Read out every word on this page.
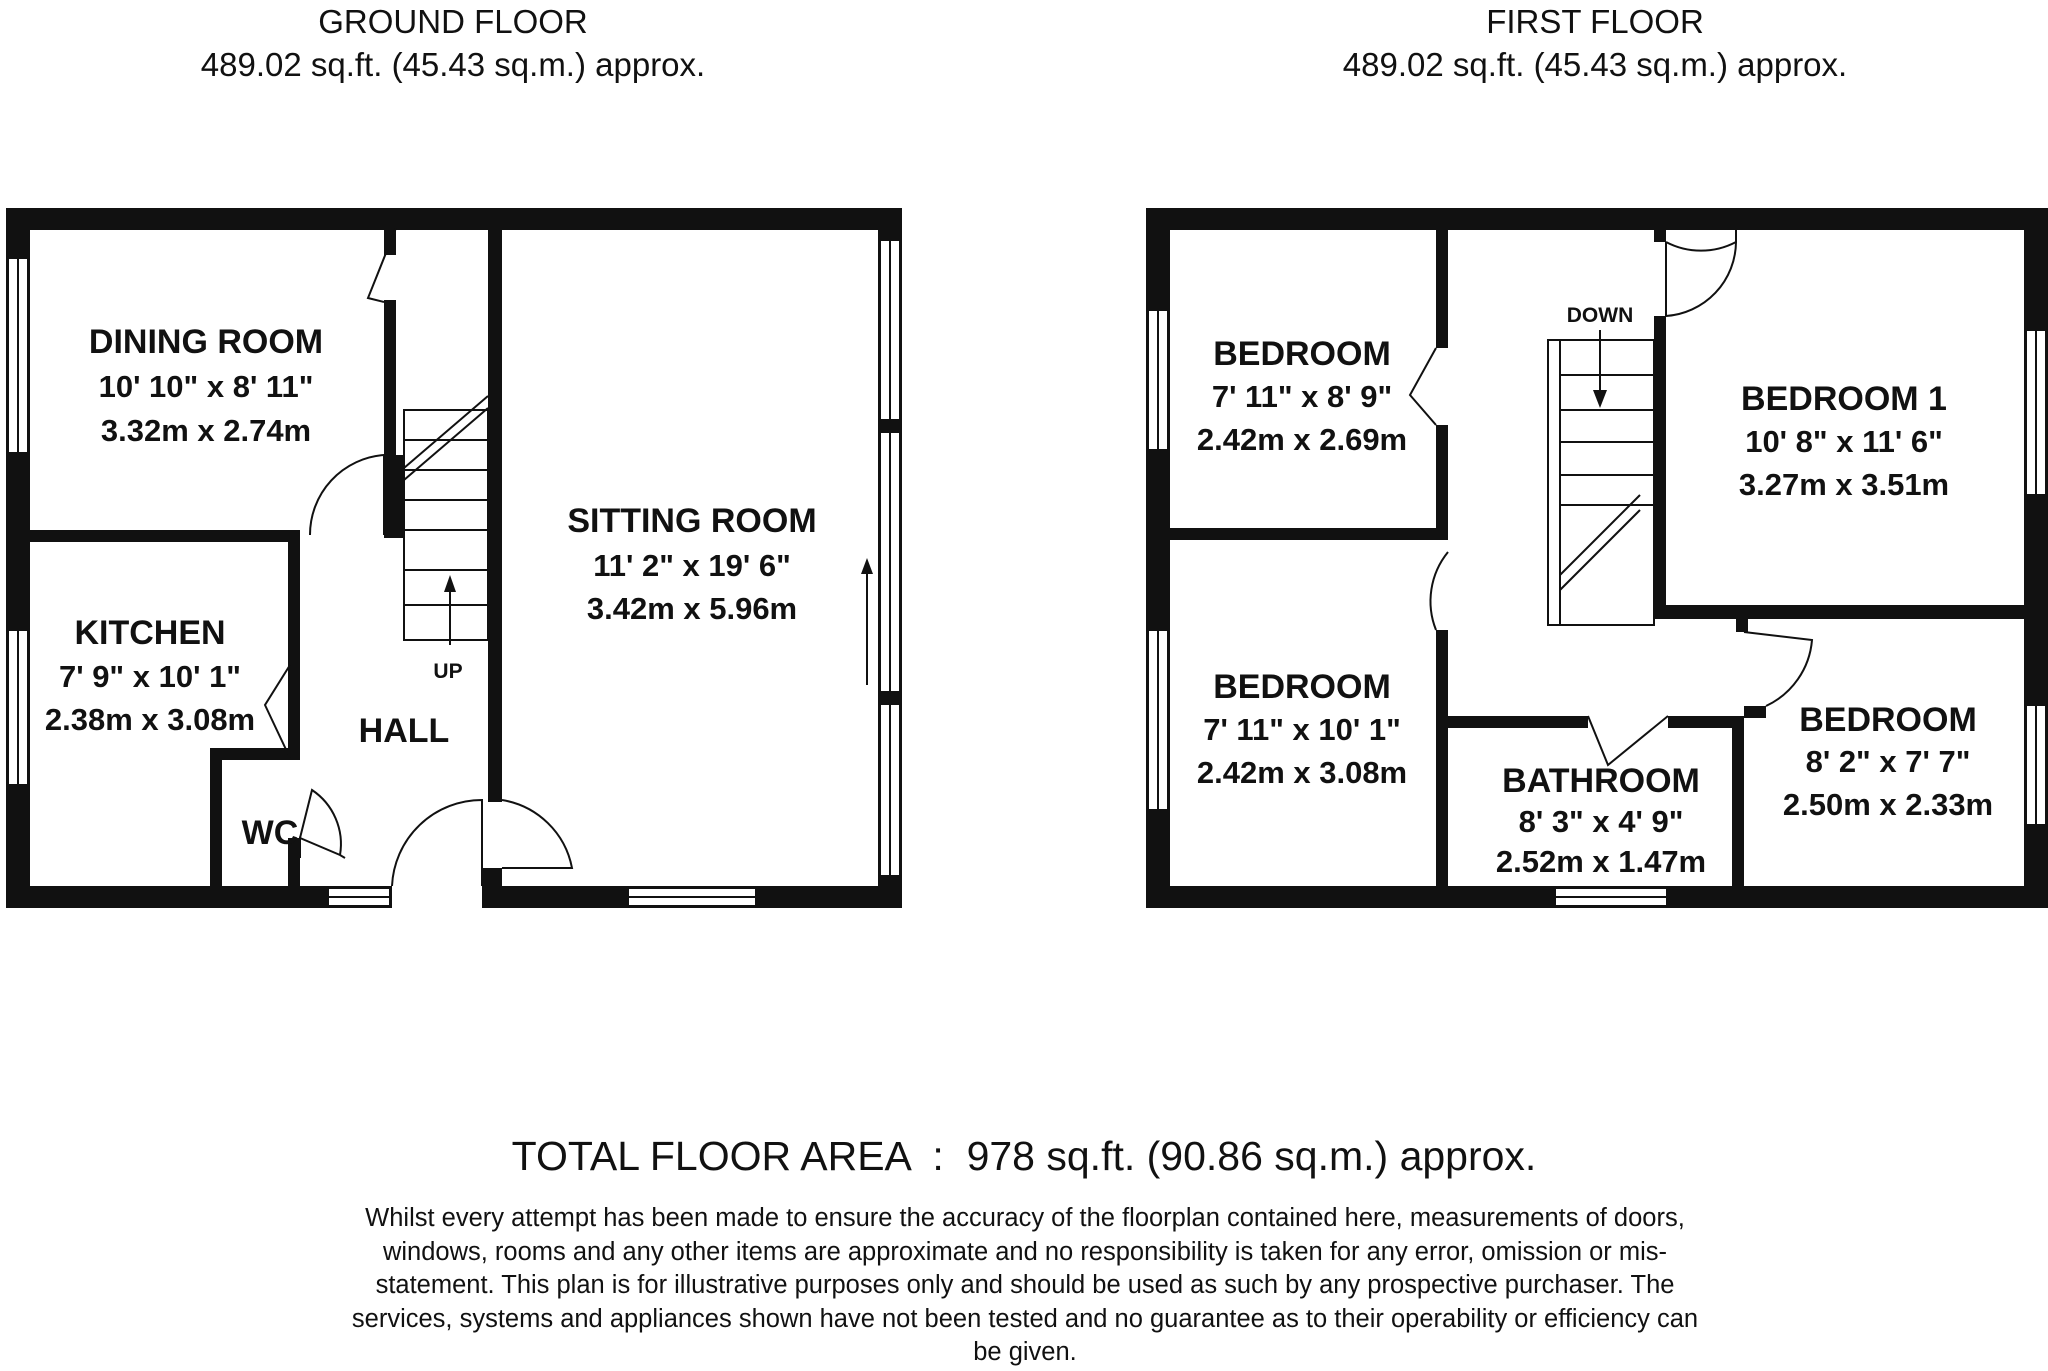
GROUND FLOOR
489.02 sq.ft. (45.43 sq.m.) approx.
FIRST FLOOR
489.02 sq.ft. (45.43 sq.m.) approx.
DINING ROOM
10' 10" x 8' 11"
3.32m x 2.74m
SITTING ROOM
11' 2" x 19' 6"
3.42m x 5.96m
KITCHEN
7' 9" x 10' 1"
2.38m x 3.08m	HALL
WC
UP
BEDROOM
7' 11" x 8' 9"
2.42m x 2.69m
BEDROOM 1
10' 8" x 11' 6"
3.27m x 3.51m
BEDROOM
7' 11" x 10' 1"
2.42m x 3.08m	BATHROOM
8' 3" x 4' 9"
2.52m x 1.47m
BEDROOM
8' 2" x 7' 7"
2.50m x 2.33m
DOWN
TOTAL FLOOR AREA  :  978 sq.ft. (90.86 sq.m.) approx.
Whilst every attempt has been made to ensure the accuracy of the floorplan contained here, measurements of doors, windows, rooms and any other items are approximate and no responsibility is taken for any error, omission or mis-statement. This plan is for illustrative purposes only and should be used as such by any prospective purchaser. The services, systems and appliances shown have not been tested and no guarantee as to their operability or efficiency can be given.
